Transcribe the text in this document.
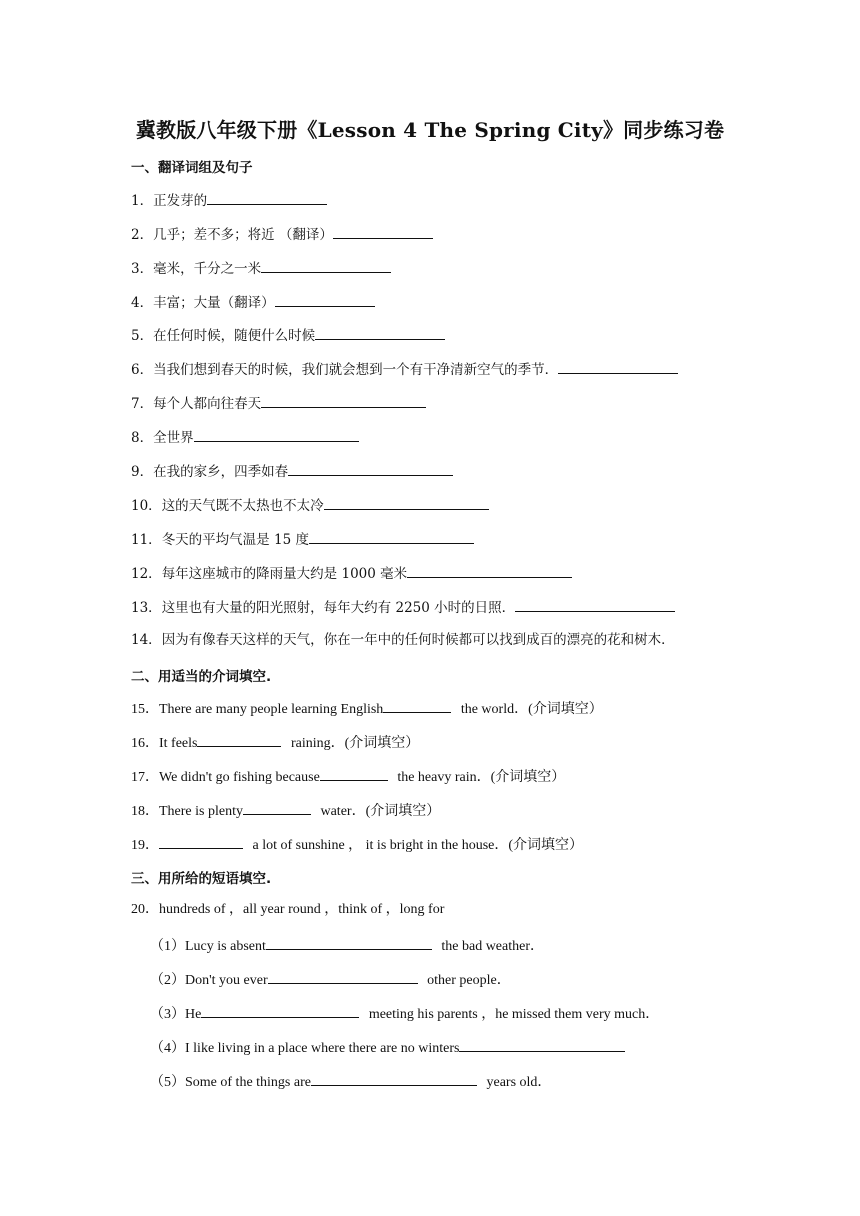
冀教版八年级下册《Lesson 4 The Spring City》同步练习卷
一、翻译词组及句子
1．正发芽的
2．几乎；差不多；将近 （翻译）
3．毫米，千分之一米
4．丰富；大量（翻译）
5．在任何时候，随便什么时候
6．当我们想到春天的时候，我们就会想到一个有干净清新空气的季节．
7．每个人都向往春天
8．全世界
9．在我的家乡，四季如春
10．这的天气既不太热也不太冷
11．冬天的平均气温是 15 度
12．每年这座城市的降雨量大约是 1000 毫米
13．这里也有大量的阳光照射，每年大约有 2250 小时的日照．
14．因为有像春天这样的天气，你在一年中的任何时候都可以找到成百的漂亮的花和树木．
二、用适当的介词填空.
15．There are many people learning English	the world．(介词填空）
16．It feels	raining．(介词填空）
17．We didn't go fishing because	the heavy rain．(介词填空）
18．There is plenty	water．(介词填空）
19．	a lot of sunshine ， it is bright in the house．(介词填空）
三、用所给的短语填空.
20．hundreds of ，all year round ，think of ，long for
（1）Lucy is absent	the bad weather．
（2）Don't you ever	other people．
（3）He	meeting his parents ，he missed them very much．
（4）I like living in a place where there are no winters
（5）Some of the things are	years old．
